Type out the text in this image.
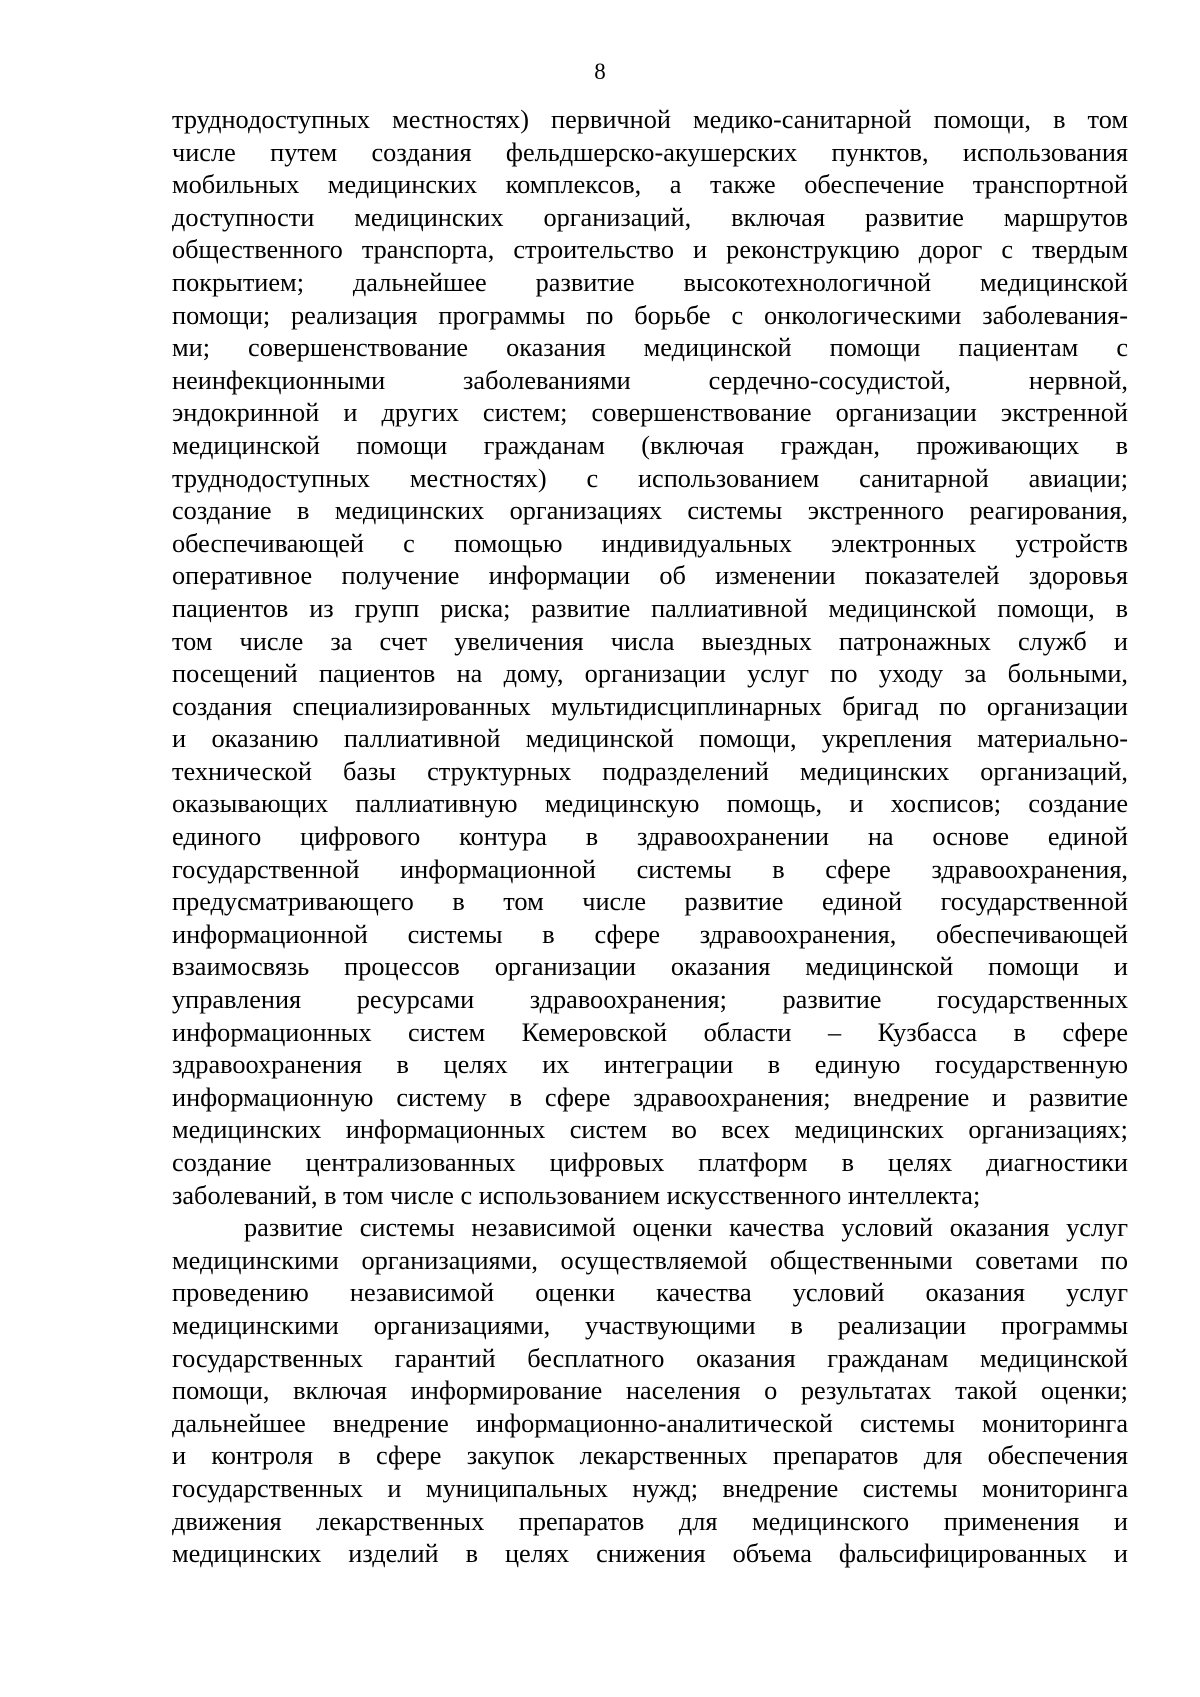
8
труднодоступных местностях) первичной медико-санитарной помощи, в том
числе путем создания фельдшерско-акушерских пунктов, использования
мобильных медицинских комплексов, а также обеспечение транспортной
доступности медицинских организаций, включая развитие маршрутов
общественного транспорта, строительство и реконструкцию дорог с твердым
покрытием; дальнейшее развитие высокотехнологичной медицинской
помощи; реализация программы по борьбе с онкологическими заболевания-
ми; совершенствование оказания медицинской помощи пациентам с
неинфекционными заболеваниями сердечно-сосудистой, нервной,
эндокринной и других систем; совершенствование организации экстренной
медицинской помощи гражданам (включая граждан, проживающих в
труднодоступных местностях) с использованием санитарной авиации;
создание в медицинских организациях системы экстренного реагирования,
обеспечивающей с помощью индивидуальных электронных устройств
оперативное получение информации об изменении показателей здоровья
пациентов из групп риска; развитие паллиативной медицинской помощи, в
том числе за счет увеличения числа выездных патронажных служб и
посещений пациентов на дому, организации услуг по уходу за больными,
создания специализированных мультидисциплинарных бригад по организации
и оказанию паллиативной медицинской помощи, укрепления материально-
технической базы структурных подразделений медицинских организаций,
оказывающих паллиативную медицинскую помощь, и хосписов; создание
единого цифрового контура в здравоохранении на основе единой
государственной информационной системы в сфере здравоохранения,
предусматривающего в том числе развитие единой государственной
информационной системы в сфере здравоохранения, обеспечивающей
взаимосвязь процессов организации оказания медицинской помощи и
управления ресурсами здравоохранения; развитие государственных
информационных систем Кемеровской области – Кузбасса в сфере
здравоохранения в целях их интеграции в единую государственную
информационную систему в сфере здравоохранения; внедрение и развитие
медицинских информационных систем во всех медицинских организациях;
создание централизованных цифровых платформ в целях диагностики
заболеваний, в том числе с использованием искусственного интеллекта;
развитие системы независимой оценки качества условий оказания услуг
медицинскими организациями, осуществляемой общественными советами по
проведению независимой оценки качества условий оказания услуг
медицинскими организациями, участвующими в реализации программы
государственных гарантий бесплатного оказания гражданам медицинской
помощи, включая информирование населения о результатах такой оценки;
дальнейшее внедрение информационно-аналитической системы мониторинга
и контроля в сфере закупок лекарственных препаратов для обеспечения
государственных и муниципальных нужд; внедрение системы мониторинга
движения лекарственных препаратов для медицинского применения и
медицинских изделий в целях снижения объема фальсифицированных и
